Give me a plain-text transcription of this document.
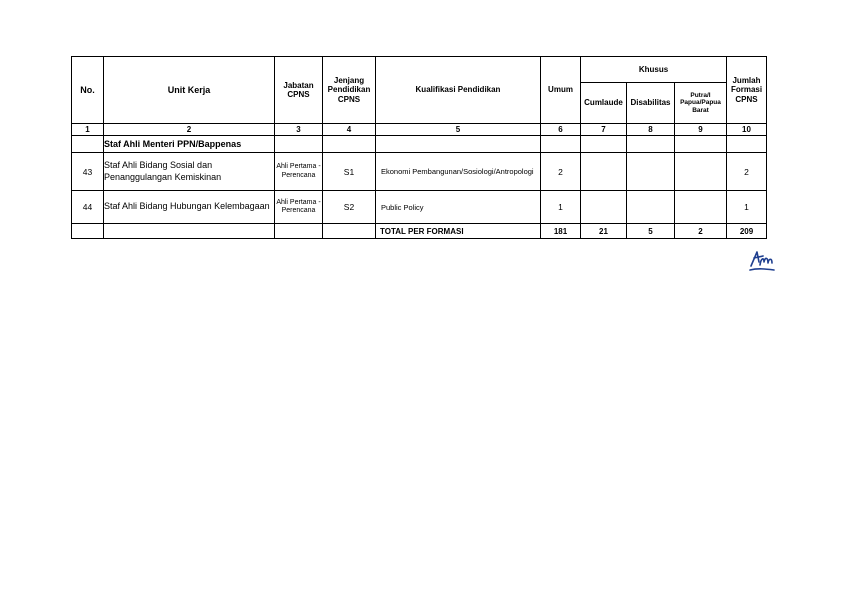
No.	Unit Kerja	Jabatan CPNS	Jenjang Pendidikan CPNS	Kualifikasi Pendidikan	Umum	Khusus			Jumlah Formasi CPNS
						Cumlaude	Disabilitas	Putra/I Papua/Papua Barat	
1	2	3	4	5	6	7	8	9	10
	Staf Ahli Menteri PPN/Bappenas								
43	Staf Ahli Bidang Sosial dan Penanggulangan Kemiskinan	Ahli Pertama - Perencana	S1	Ekonomi Pembangunan/Sosiologi/Antropologi	2				2
44	Staf Ahli Bidang Hubungan Kelembagaan	Ahli Pertama - Perencana	S2	Public Policy	1				1
				TOTAL PER FORMASI	181	21	5	2	209
